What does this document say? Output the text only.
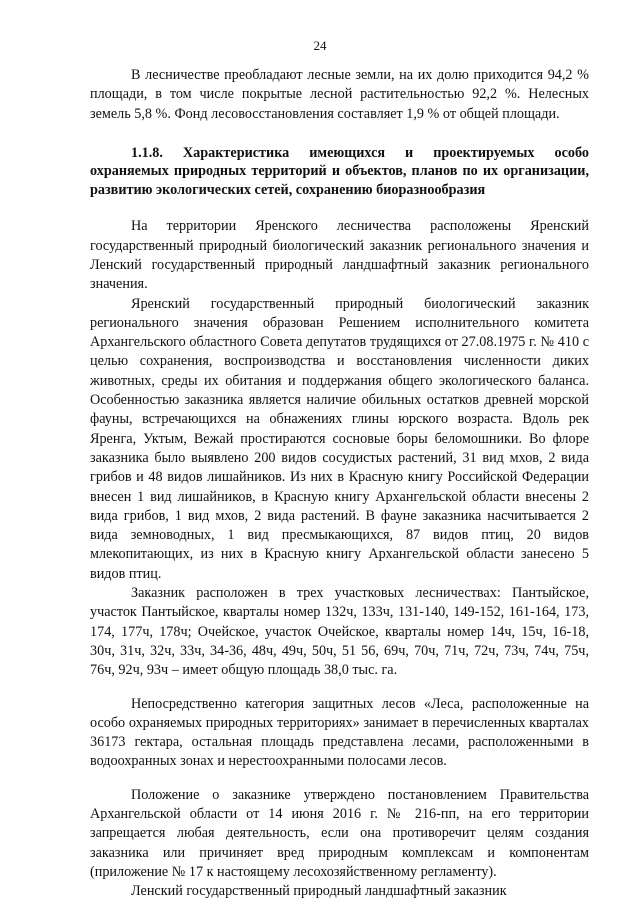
24

В лесничестве преобладают лесные земли, на их долю приходится 94,2 % площади, в том числе покрытые лесной растительностью 92,2 %. Нелесных земель 5,8 %. Фонд лесовосстановления составляет 1,9 % от общей площади.

1.1.8. Характеристика имеющихся и проектируемых особо охраняемых природных территорий и объектов, планов по их организации, развитию экологических сетей, сохранению биоразнообразия

На территории Яренского лесничества расположены Яренский государственный природный биологический заказник регионального значения и Ленский государственный природный ландшафтный заказник регионального значения.

Яренский государственный природный биологический заказник регионального значения образован Решением исполнительного комитета Архангельского областного Совета депутатов трудящихся от 27.08.1975 г. № 410 с целью сохранения, воспроизводства и восстановления численности диких животных, среды их обитания и поддержания общего экологического баланса. Особенностью заказника является наличие обильных остатков древней морской фауны, встречающихся на обнажениях глины юрского возраста. Вдоль рек Яренга, Уктым, Вежай простираются сосновые боры беломошники. Во флоре заказника было выявлено 200 видов сосудистых растений, 31 вид мхов, 2 вида грибов и 48 видов лишайников. Из них в Красную книгу Российской Федерации внесен 1 вид лишайников, в Красную книгу Архангельской области внесены 2 вида грибов, 1 вид мхов, 2 вида растений. В фауне заказника насчитывается 2 вида земноводных, 1 вид пресмыкающихся, 87 видов птиц, 20 видов млекопитающих, из них в Красную книгу Архангельской области занесено 5 видов птиц.

Заказник расположен в трех участковых лесничествах: Пантыйское, участок Пантыйское, кварталы номер 132ч, 133ч, 131-140, 149-152, 161-164, 173, 174, 177ч, 178ч; Очейское, участок Очейское, кварталы номер 14ч, 15ч, 16-18, 30ч, 31ч, 32ч, 33ч, 34-36, 48ч, 49ч, 50ч, 51 56, 69ч, 70ч, 71ч, 72ч, 73ч, 74ч, 75ч, 76ч, 92ч, 93ч – имеет общую площадь 38,0 тыс. га.

Непосредственно категория защитных лесов «Леса, расположенные на особо охраняемых природных территориях» занимает в перечисленных кварталах 36173 гектара, остальная площадь представлена лесами, расположенными в водоохранных зонах и нерестоохранными полосами лесов.

Положение о заказнике утверждено постановлением Правительства Архангельской области от 14 июня 2016 г. № 216-пп, на его территории запрещается любая деятельность, если она противоречит целям создания заказника или причиняет вред природным комплексам и компонентам (приложение № 17 к настоящему лесохозяйственному регламенту).

Ленский государственный природный ландшафтный заказник
